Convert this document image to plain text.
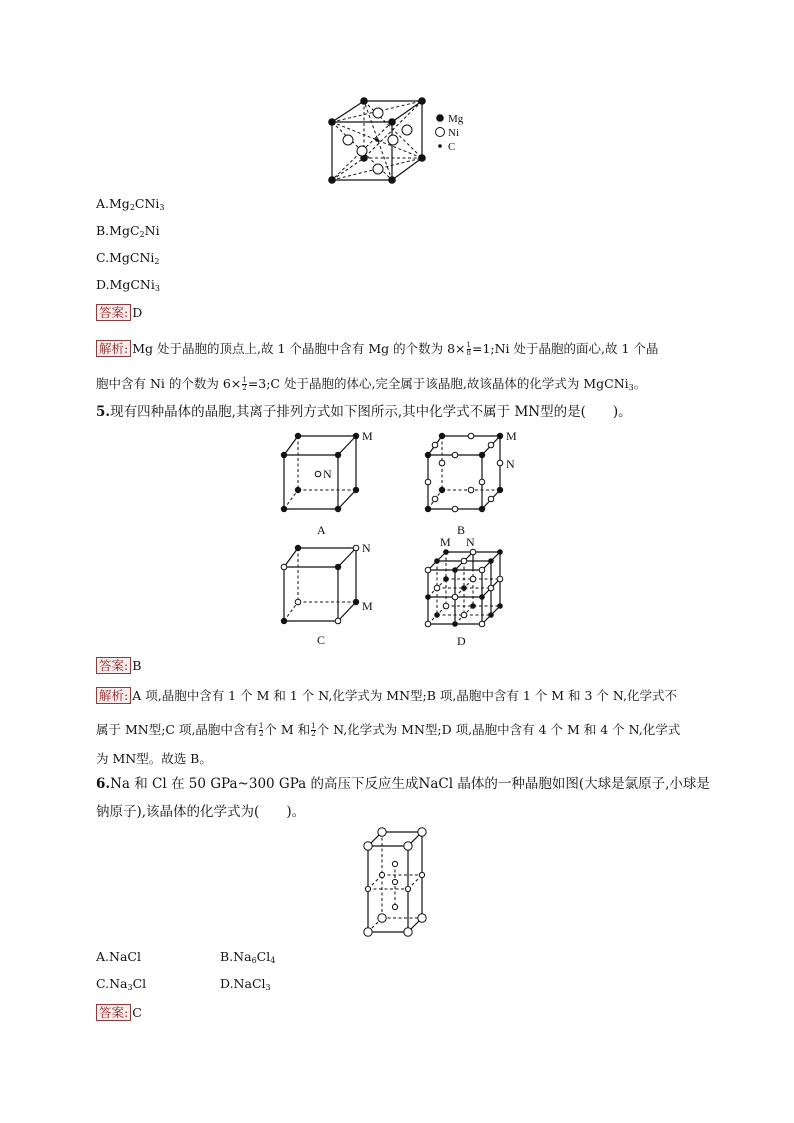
Mg
Ni
C
$A.Mg_2CNi_3$
B.MgC$_2$Ni
C.MgCNi$_2$
D.MgCNi$_3$
答案: D
解析: Mg 处于晶胞的顶点上,故 1 个晶胞中含有 Mg 的个数为 $8\times \frac{1}{8}$ =1;Ni 处于晶胞的面心,故 1 个晶
胞中含有 Ni 的个数为 $6\times \frac{1}{2}$ =3;C 处于晶胞的体心,完全属于该晶胞,故该晶体的化学式为 MgCNi$_3$。
5.现有四种晶体的晶胞,其离子排列方式如下图所示,其中化学式不属于 MN型的是(　　)。
N
M
A
M
N
B
N
M
C
M N
D
答案: B
解析: A 项,晶胞中含有 1 个 M 和 1 个 N,化学式为 MN型;B 项,晶胞中含有 1 个 M 和 3 个 N,化学式不
属于 MN型;C 项,晶胞中含有 $\frac{1}{2}$ 个 M 和 $\frac{1}{2}$ 个 N,化学式为 MN型;D 项,晶胞中含有 4 个 M 和 4 个 N,化学式
为 MN型。故选 B。
6.Na 和 Cl 在 50 GPa~300 GPa 的高压下反应生成NaCl 晶体的一种晶胞如图(大球是氯原子,小球是
钠原子),该晶体的化学式为(　　)。
A.NaCl	$B.Na_6Cl_4$
$C.Na_3Cl$	D.NaCl$_3$
答案: C
